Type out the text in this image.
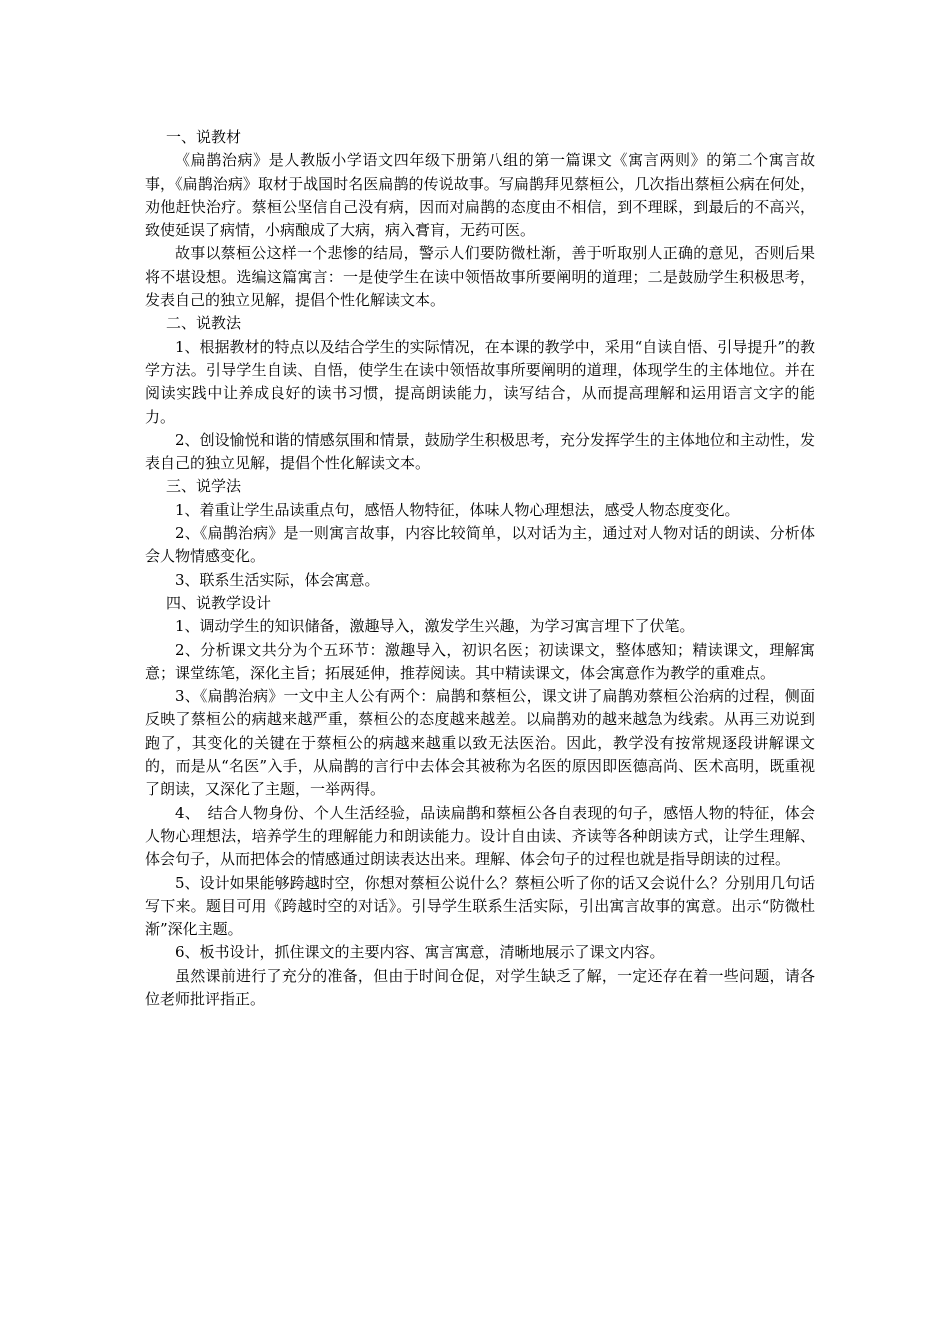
一、说教材

《扁鹊治病》是人教版小学语文四年级下册第八组的第一篇课文《寓言两则》的第二个寓言故事，《扁鹊治病》取材于战国时名医扁鹊的传说故事。写扁鹊拜见蔡桓公，几次指出蔡桓公病在何处，劝他赶快治疗。蔡桓公坚信自己没有病，因而对扁鹊的态度由不相信，到不理睬，到最后的不高兴，致使延误了病情，小病酿成了大病，病入膏肓，无药可医。

故事以蔡桓公这样一个悲惨的结局，警示人们要防微杜渐，善于听取别人正确的意见，否则后果将不堪设想。选编这篇寓言：一是使学生在读中领悟故事所要阐明的道理；二是鼓励学生积极思考，发表自己的独立见解，提倡个性化解读文本。

二、说教法

1、根据教材的特点以及结合学生的实际情况，在本课的教学中，采用“自读自悟、引导提升”的教学方法。引导学生自读、自悟，使学生在读中领悟故事所要阐明的道理，体现学生的主体地位。并在阅读实践中让养成良好的读书习惯，提高朗读能力，读写结合，从而提高理解和运用语言文字的能力。

2、创设愉悦和谐的情感氛围和情景，鼓励学生积极思考，充分发挥学生的主体地位和主动性，发表自己的独立见解，提倡个性化解读文本。

三、说学法

1、着重让学生品读重点句，感悟人物特征，体味人物心理想法，感受人物态度变化。

2、《扁鹊治病》是一则寓言故事，内容比较简单，以对话为主，通过对人物对话的朗读、分析体会人物情感变化。

3、联系生活实际，体会寓意。

四、说教学设计

1、调动学生的知识储备，激趣导入，激发学生兴趣，为学习寓言埋下了伏笔。

2、分析课文共分为个五环节：激趣导入，初识名医；初读课文，整体感知；精读课文，理解寓意；课堂练笔，深化主旨；拓展延伸，推荐阅读。其中精读课文，体会寓意作为教学的重难点。

3、《扁鹊治病》一文中主人公有两个：扁鹊和蔡桓公，课文讲了扁鹊劝蔡桓公治病的过程，侧面反映了蔡桓公的病越来越严重，蔡桓公的态度越来越差。以扁鹊劝的越来越急为线索。从再三劝说到跑了，其变化的关键在于蔡桓公的病越来越重以致无法医治。因此，教学没有按常规逐段讲解课文的，而是从“名医”入手，从扁鹊的言行中去体会其被称为名医的原因即医德高尚、医术高明，既重视了朗读，又深化了主题，一举两得。

4、　结合人物身份、个人生活经验，品读扁鹊和蔡桓公各自表现的句子，感悟人物的特征，体会人物心理想法，培养学生的理解能力和朗读能力。设计自由读、齐读等各种朗读方式，让学生理解、体会句子，从而把体会的情感通过朗读表达出来。理解、体会句子的过程也就是指导朗读的过程。

5、设计如果能够跨越时空，你想对蔡桓公说什么？蔡桓公听了你的话又会说什么？分别用几句话写下来。题目可用《跨越时空的对话》。引导学生联系生活实际，引出寓言故事的寓意。出示“防微杜渐”深化主题。

6、板书设计，抓住课文的主要内容、寓言寓意，清晰地展示了课文内容。

虽然课前进行了充分的准备，但由于时间仓促，对学生缺乏了解，一定还存在着一些问题，请各位老师批评指正。
